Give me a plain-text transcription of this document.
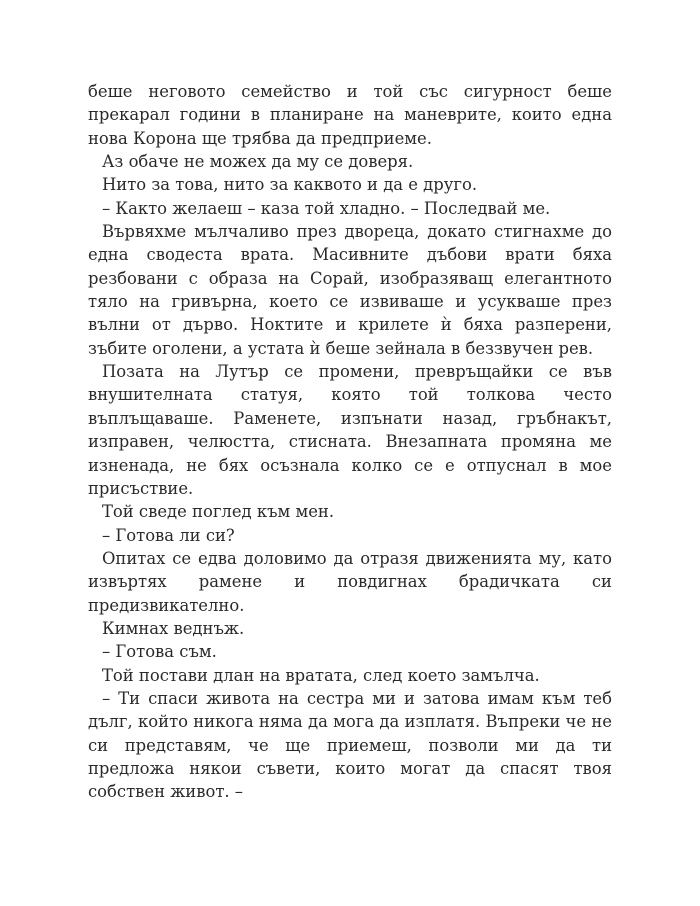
беше неговото семейство и той със сигурност беше прекарал години в планиране на маневрите, които една нова Корона ще трябва да предприеме.

Аз обаче не можех да му се доверя.

Нито за това, нито за каквото и да е друго.

– Както желаеш – каза той хладно. – Последвай ме.

Вървяхме мълчаливо през двореца, докато стигнахме до една сводеста врата. Масивните дъбови врати бяха резбовани с образа на Сорай, изобразяващ елегантното тяло на гривърна, което се извиваше и усукваше през вълни от дърво. Ноктите и крилете ѝ бяха разперени, зъбите оголени, а устата ѝ беше зейнала в беззвучен рев.

Позата на Лутър се промени, превръщайки се във внушителната статуя, която той толкова често въплъщаваше. Раменете, изпънати назад, гръбнакът, изправен, челюстта, стисната. Внезапната промяна ме изненада, не бях осъзнала колко се е отпуснал в мое присъствие.

Той сведе поглед към мен.

– Готова ли си?

Опитах се едва доловимо да отразя движенията му, като извъртях рамене и повдигнах брадичката си предизвикателно.

Кимнах веднъж.

– Готова съм.

Той постави длан на вратата, след което замълча.

– Ти спаси живота на сестра ми и затова имам към теб дълг, който никога няма да мога да изплатя. Въпреки че не си представям, че ще приемеш, позволи ми да ти предложа някои съвети, които могат да спасят твоя собствен живот. –
